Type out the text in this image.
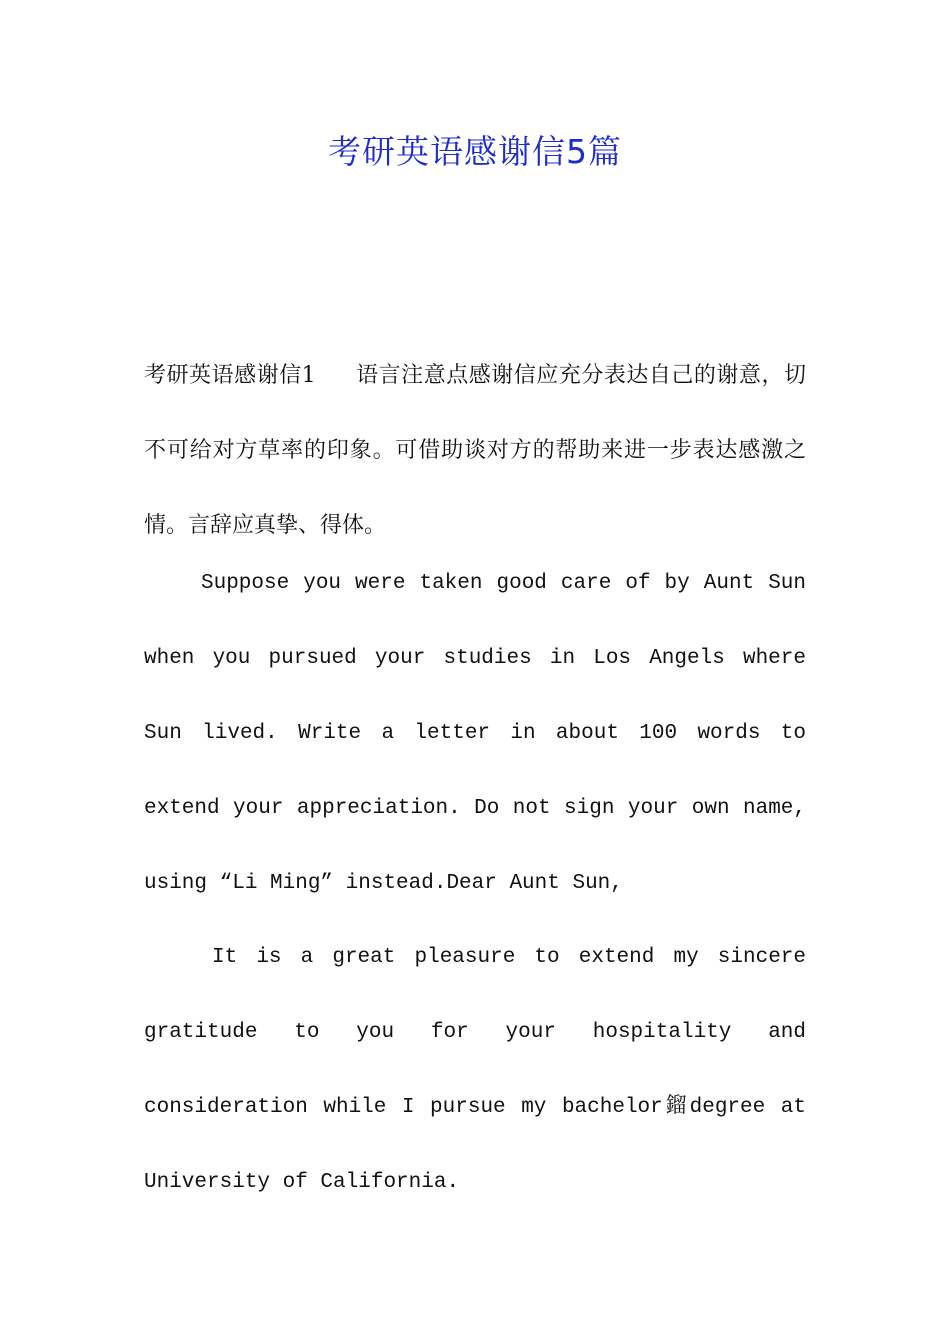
考研英语感谢信5篇

考研英语感谢信1 语言注意点感谢信应充分表达自己的谢意，切不可给对方草率的印象。可借助谈对方的帮助来进一步表达感激之情。言辞应真挚、得体。

Suppose you were taken good care of by Aunt Sun when you pursued your studies in Los Angels where Sun lived. Write a letter in about 100 words to extend your appreciation. Do not sign your own name, using “Li Ming” instead.Dear Aunt Sun,

It is a great pleasure to extend my sincere gratitude to you for your hospitality and consideration while I pursue my bachelor鎦degree at University of California.
